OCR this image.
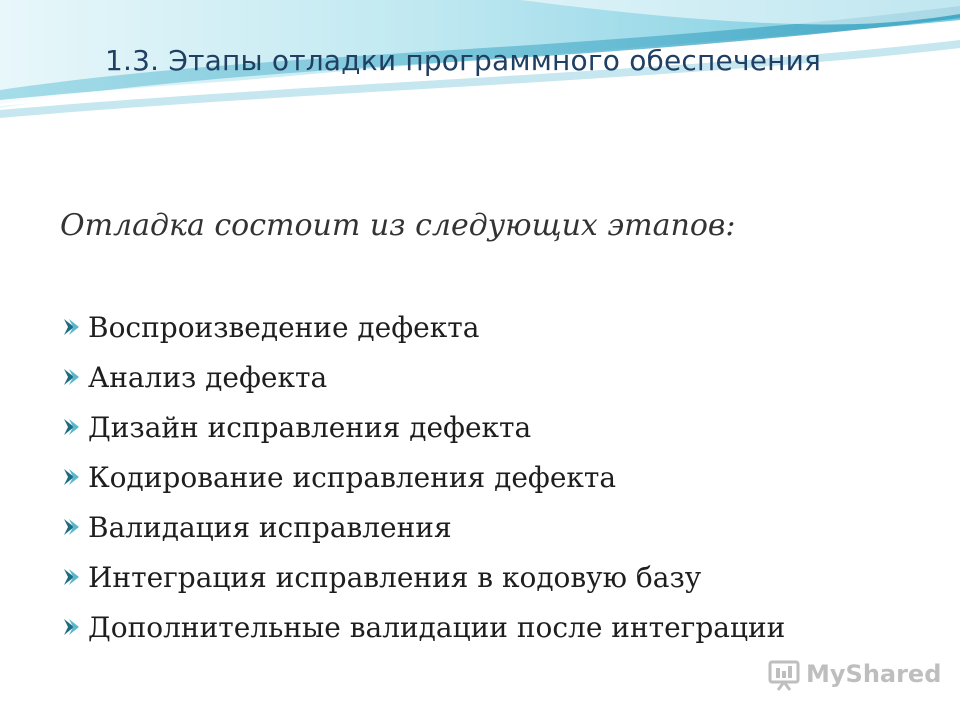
1.3. Этапы отладки программного обеспечения
Отладка состоит из следующих этапов:
Воспроизведение дефекта
Анализ дефекта
Дизайн исправления дефекта
Кодирование исправления дефекта
Валидация исправления
Интеграция исправления в кодовую базу
Дополнительные валидации после интеграции
MyShared
